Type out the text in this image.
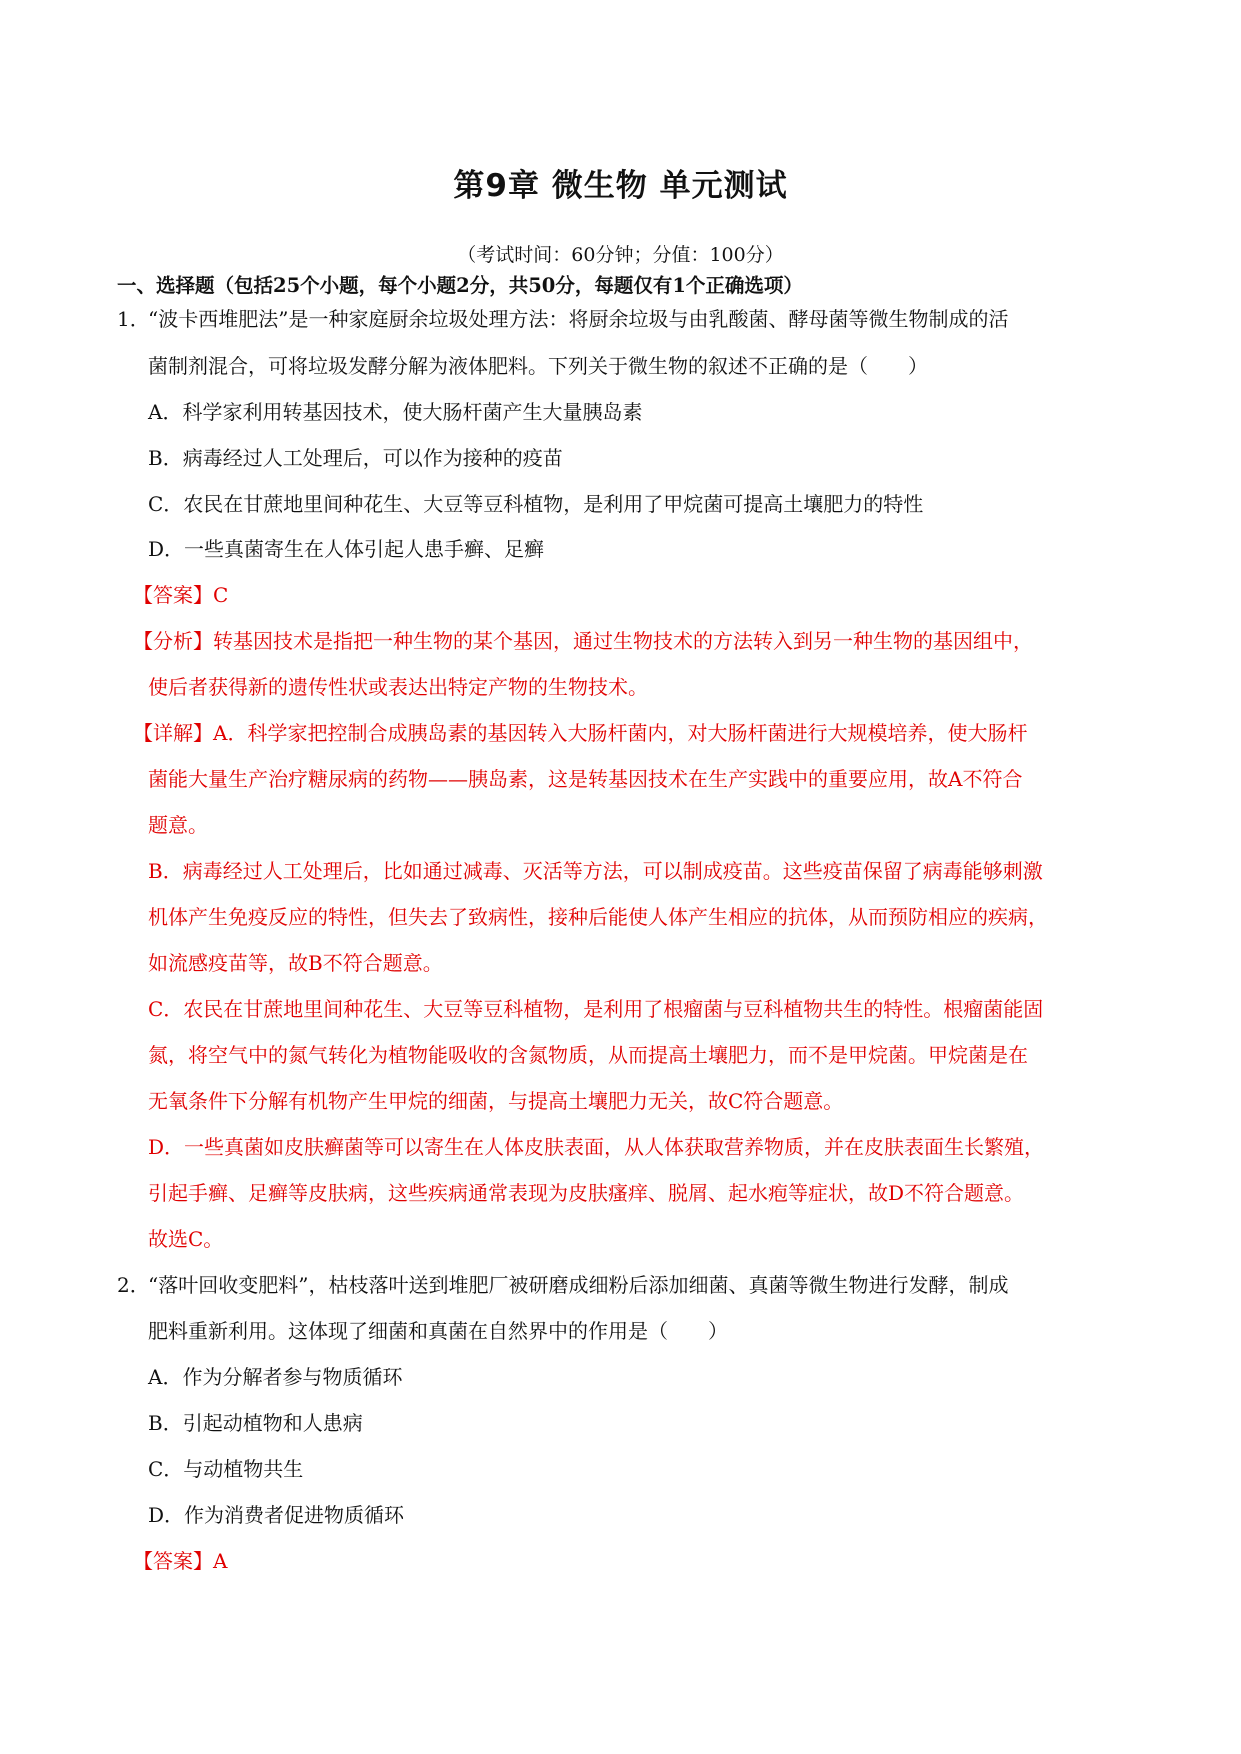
第9章 微生物 单元测试
（考试时间：60分钟；分值：100分）
一、选择题（包括25个小题，每个小题2分，共50分，每题仅有1个正确选项）
1．
“波卡西堆肥法”是一种家庭厨余垃圾处理方法：将厨余垃圾与由乳酸菌、酵母菌等微生物制成的活
菌制剂混合，可将垃圾发酵分解为液体肥料。下列关于微生物的叙述不正确的是（　　）
A．科学家利用转基因技术，使大肠杆菌产生大量胰岛素
B．病毒经过人工处理后，可以作为接种的疫苗
C．农民在甘蔗地里间种花生、大豆等豆科植物，是利用了甲烷菌可提高土壤肥力的特性
D．一些真菌寄生在人体引起人患手癣、足癣
【答案】C
【分析】转基因技术是指把一种生物的某个基因，通过生物技术的方法转入到另一种生物的基因组中，
使后者获得新的遗传性状或表达出特定产物的生物技术。
【详解】A．科学家把控制合成胰岛素的基因转入大肠杆菌内，对大肠杆菌进行大规模培养，使大肠杆
菌能大量生产治疗糖尿病的药物——胰岛素，这是转基因技术在生产实践中的重要应用，故A不符合
题意。
B．病毒经过人工处理后，比如通过减毒、灭活等方法，可以制成疫苗。这些疫苗保留了病毒能够刺激
机体产生免疫反应的特性，但失去了致病性，接种后能使人体产生相应的抗体，从而预防相应的疾病，
如流感疫苗等，故B不符合题意。
C．农民在甘蔗地里间种花生、大豆等豆科植物，是利用了根瘤菌与豆科植物共生的特性。根瘤菌能固
氮，将空气中的氮气转化为植物能吸收的含氮物质，从而提高土壤肥力，而不是甲烷菌。甲烷菌是在
无氧条件下分解有机物产生甲烷的细菌，与提高土壤肥力无关，故C符合题意。
D．一些真菌如皮肤癣菌等可以寄生在人体皮肤表面，从人体获取营养物质，并在皮肤表面生长繁殖，
引起手癣、足癣等皮肤病，这些疾病通常表现为皮肤瘙痒、脱屑、起水疱等症状，故D不符合题意。
故选C。
2．
“落叶回收变肥料”，枯枝落叶送到堆肥厂被研磨成细粉后添加细菌、真菌等微生物进行发酵，制成
肥料重新利用。这体现了细菌和真菌在自然界中的作用是（　　）
A．作为分解者参与物质循环
B．引起动植物和人患病
C．与动植物共生
D．作为消费者促进物质循环
【答案】A
